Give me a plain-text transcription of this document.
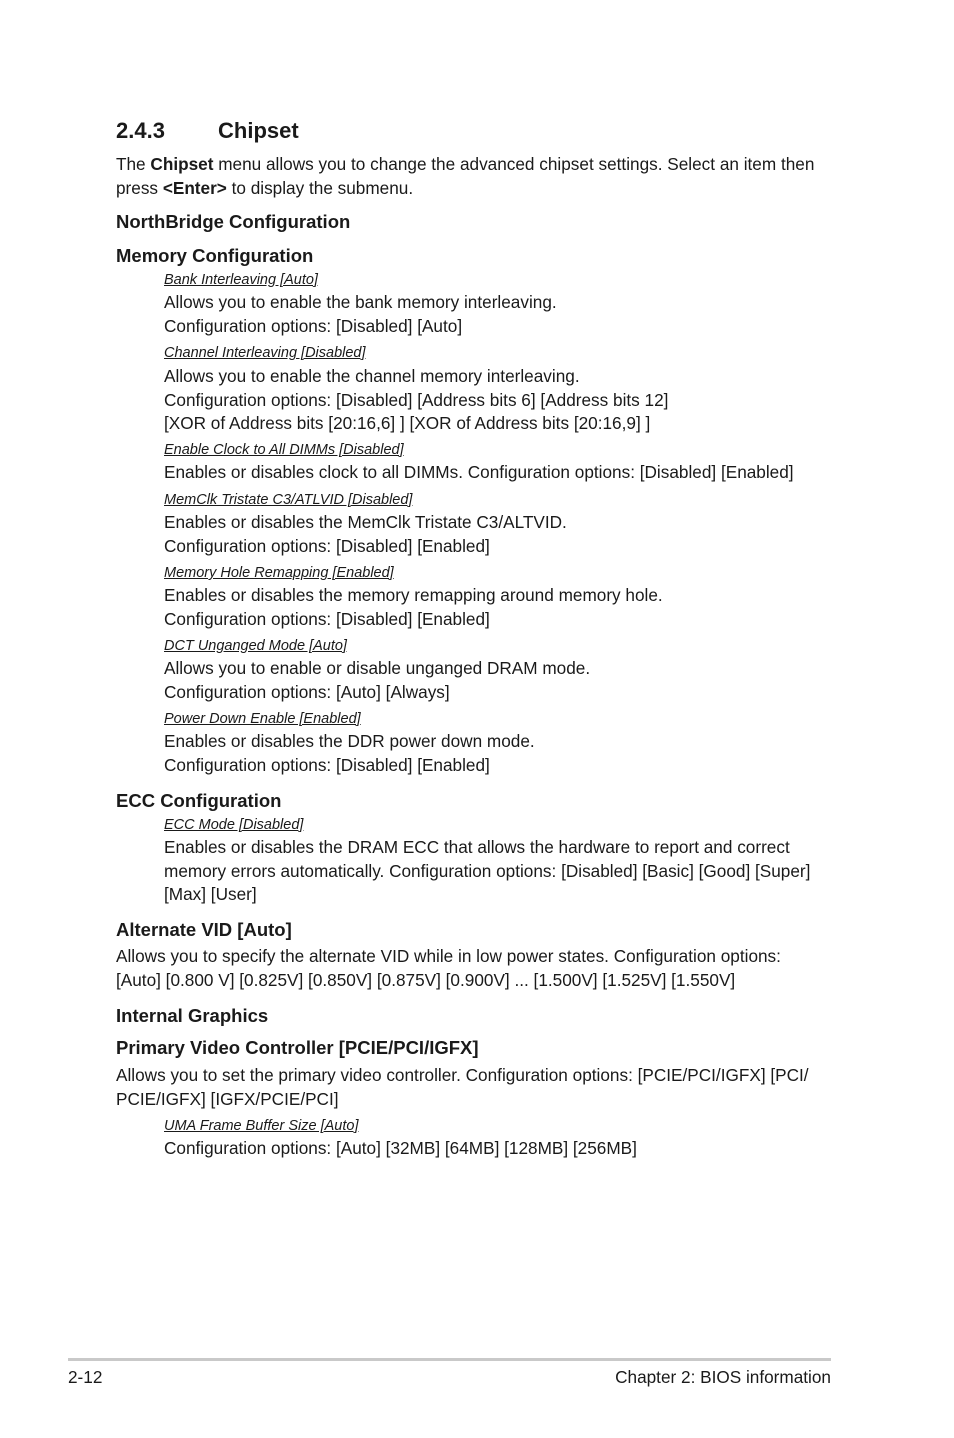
2.4.3 Chipset

The Chipset menu allows you to change the advanced chipset settings. Select an item then press <Enter> to display the submenu.

NorthBridge Configuration
Memory Configuration
Bank Interleaving [Auto]

Allows you to enable the bank memory interleaving.
Configuration options: [Disabled] [Auto]

Channel Interleaving [Disabled]

Allows you to enable the channel memory interleaving.
Configuration options: [Disabled] [Address bits 6] [Address bits 12]
[XOR of Address bits [20:16,6] ] [XOR of Address bits [20:16,9] ]

Enable Clock to All DIMMs [Disabled]

Enables or disables clock to all DIMMs. Configuration options: [Disabled] [Enabled]

MemClk Tristate C3/ATLVID [Disabled]

Enables or disables the MemClk Tristate C3/ALTVID.
Configuration options: [Disabled] [Enabled]

Memory Hole Remapping [Enabled]

Enables or disables the memory remapping around memory hole.
Configuration options: [Disabled] [Enabled]

DCT Unganged Mode [Auto]

Allows you to enable or disable unganged DRAM mode.
Configuration options: [Auto] [Always]

Power Down Enable [Enabled]

Enables or disables the DDR power down mode.
Configuration options: [Disabled] [Enabled]

ECC Configuration
ECC Mode [Disabled]

Enables or disables the DRAM ECC that allows the hardware to report and correct memory errors automatically. Configuration options: [Disabled] [Basic] [Good] [Super] [Max] [User]

Alternate VID [Auto]

Allows you to specify the alternate VID while in low power states. Configuration options: [Auto] [0.800 V] [0.825V] [0.850V] [0.875V] [0.900V] ... [1.500V] [1.525V] [1.550V]

Internal Graphics
Primary Video Controller [PCIE/PCI/IGFX]

Allows you to set the primary video controller. Configuration options: [PCIE/PCI/IGFX] [PCI/ PCIE/IGFX] [IGFX/PCIE/PCI]

UMA Frame Buffer Size [Auto]

Configuration options: [Auto] [32MB] [64MB] [128MB] [256MB]

2-12	Chapter 2: BIOS information
